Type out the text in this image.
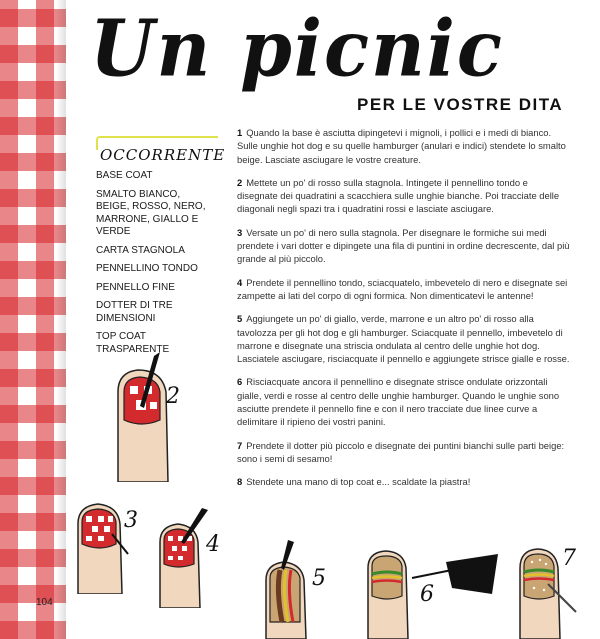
Un picnic
PER LE VOSTRE DITA
OCCORRENTE
BASE COAT
SMALTO BIANCO, BEIGE, ROSSO, NERO, MARRONE, GIALLO E VERDE
CARTA STAGNOLA
PENNELLINO TONDO
PENNELLO FINE
DOTTER DI TRE DIMENSIONI
TOP COAT TRASPARENTE

1 Quando la base è asciutta dipingetevi i mignoli, i pollici e i medi di bianco. Sulle unghie hot dog e su quelle hamburger (anulari e indici) stendete lo smalto beige. Lasciate asciugare le vostre creature.

2 Mettete un po' di rosso sulla stagnola. Intingete il pennellino tondo e disegnate dei quadratini a scacchiera sulle unghie bianche. Poi tracciate delle diagonali negli spazi tra i quadratini rossi e lasciate asciugare.

3 Versate un po' di nero sulla stagnola. Per disegnare le formiche sui medi prendete i vari dotter e dipingete una fila di puntini in ordine decrescente, dal più grande al più piccolo.

4 Prendete il pennellino tondo, sciacquatelo, imbevetelo di nero e disegnate sei zampette ai lati del corpo di ogni formica. Non dimenticatevi le antenne!

5 Aggiungete un po' di giallo, verde, marrone e un altro po' di rosso alla tavolozza per gli hot dog e gli hamburger. Sciacquate il pennello, imbevetelo di marrone e disegnate una striscia ondulata al centro delle unghie hot dog. Lasciatele asciugare, risciacquate il pennello e aggiungete strisce gialle e rosse.

6 Risciacquate ancora il pennellino e disegnate strisce ondulate orizzontali gialle, verdi e rosse al centro delle unghie hamburger. Quando le unghie sono asciutte prendete il pennello fine e con il nero tracciate due linee curve a delimitare il ripieno dei vostri panini.

7 Prendete il dotter più piccolo e disegnate dei puntini bianchi sulle parti beige: sono i semi di sesamo!

8 Stendete una mano di top coat e... scaldate la piastra!

2
3
4
5
6
7
104
